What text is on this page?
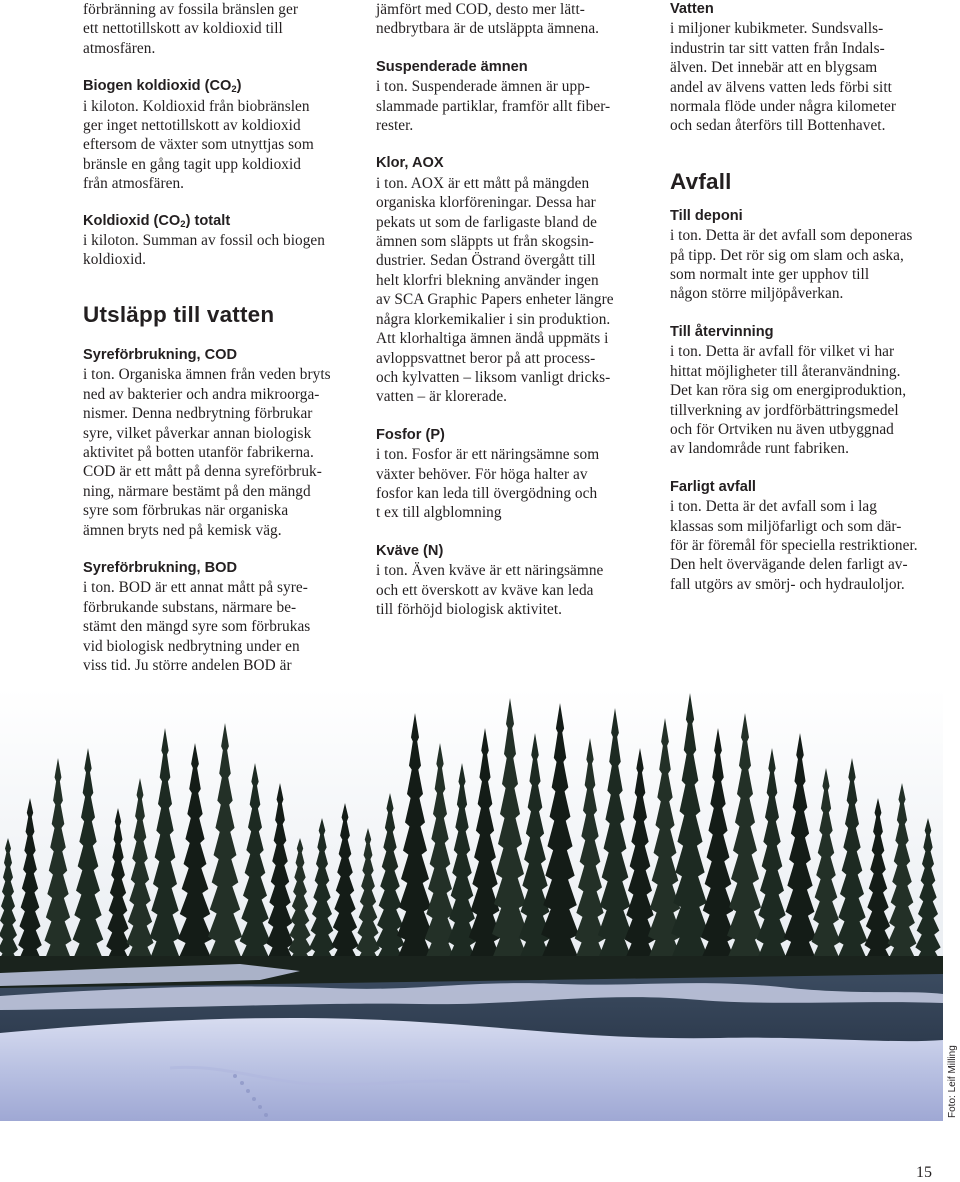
förbränning av fossila bränslen ger
ett nettotillskott av koldioxid till
atmosfären.

Biogen koldioxid $(CO_2)$

i kiloton. Koldioxid från biobränslen
ger inget nettotillskott av koldioxid
eftersom de växter som utnyttjas som
bränsle en gång tagit upp koldioxid
från atmosfären.

Koldioxid $(CO_2)$ totalt

i kiloton. Summan av fossil och biogen
koldioxid.

Utsläpp till vatten
Syreförbrukning, COD

i ton. Organiska ämnen från veden bryts
ned av bakterier och andra mikroorga-
nismer. Denna nedbrytning förbrukar
syre, vilket påverkar annan biologisk
aktivitet på botten utanför fabrikerna.
COD är ett mått på denna syreförbruk-
ning, närmare bestämt på den mängd
syre som förbrukas när organiska
ämnen bryts ned på kemisk väg.

Syreförbrukning, BOD

i ton. BOD är ett annat mått på syre-
förbrukande substans, närmare be-
stämt den mängd syre som förbrukas
vid biologisk nedbrytning under en
viss tid. Ju större andelen BOD är

jämfört med COD, desto mer lätt-
nedbrytbara är de utsläppta ämnena.

Suspenderade ämnen

i ton. Suspenderade ämnen är upp-
slammade partiklar, framför allt fiber-
rester.

Klor, AOX

i ton. AOX är ett mått på mängden
organiska klorföreningar. Dessa har
pekats ut som de farligaste bland de
ämnen som släppts ut från skogsin-
dustrier. Sedan Östrand övergått till
helt klorfri blekning använder ingen
av SCA Graphic Papers enheter längre
några klorkemikalier i sin produktion.
Att klorhaltiga ämnen ändå uppmäts i
avloppsvattnet beror på att process-
och kylvatten – liksom vanligt dricks-
vatten – är klorerade.

Fosfor (P)

i ton. Fosfor är ett näringsämne som
växter behöver. För höga halter av
fosfor kan leda till övergödning och
t ex till algblomning

Kväve (N)

i ton. Även kväve är ett näringsämne
och ett överskott av kväve kan leda
till förhöjd biologisk aktivitet.

Vatten

i miljoner kubikmeter. Sundsvalls-
industrin tar sitt vatten från Indals-
älven. Det innebär att en blygsam
andel av älvens vatten leds förbi sitt
normala flöde under några kilometer
och sedan återförs till Bottenhavet.

Avfall
Till deponi

i ton. Detta är det avfall som deponeras
på tipp. Det rör sig om slam och aska,
som normalt inte ger upphov till
någon större miljöpåverkan.

Till återvinning

i ton. Detta är avfall för vilket vi har
hittat möjligheter till återanvändning.
Det kan röra sig om energiproduktion,
tillverkning av jordförbättringsmedel
och för Ortviken nu även utbyggnad
av landområde runt fabriken.

Farligt avfall

i ton. Detta är det avfall som i lag
klassas som miljöfarligt och som där-
för är föremål för speciella restriktioner.
Den helt övervägande delen farligt av-
fall utgörs av smörj- och hydrauloljor.

Foto: Leif Milling
15
